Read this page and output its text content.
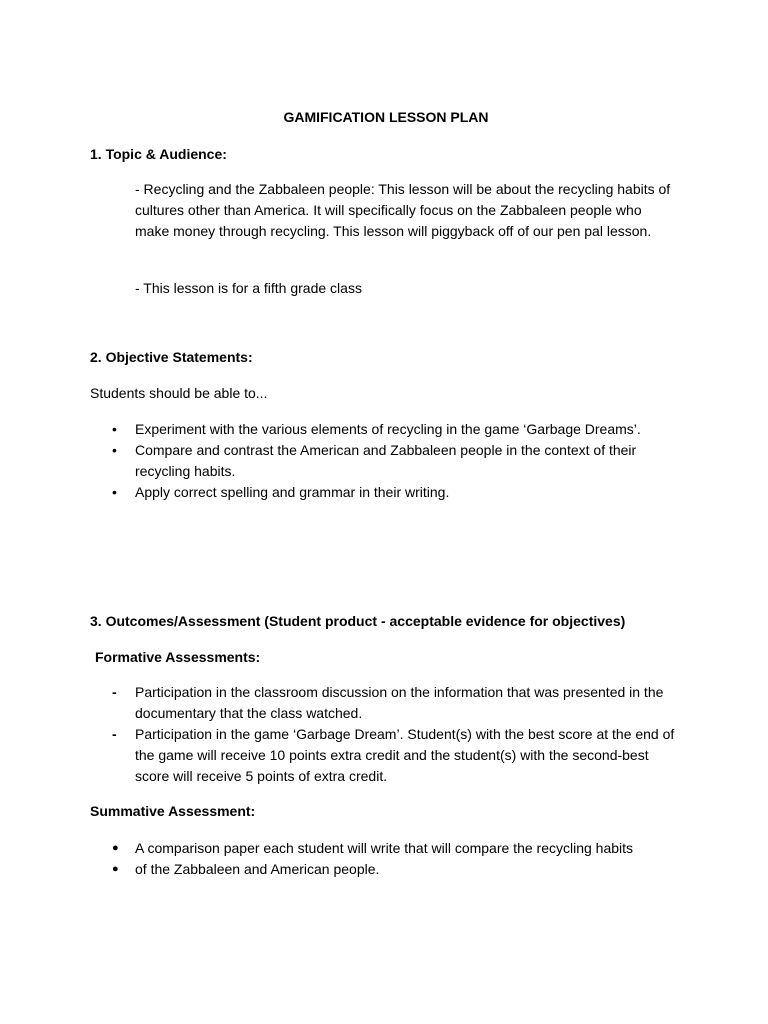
GAMIFICATION LESSON PLAN
1. Topic & Audience:
- Recycling and the Zabbaleen people: This lesson will be about the recycling habits of cultures other than America. It will specifically focus on the Zabbaleen people who make money through recycling. This lesson will piggyback off of our pen pal lesson.
- This lesson is for a fifth grade class
2. Objective Statements:
Students should be able to...
• Experiment with the various elements of recycling in the game ‘Garbage Dreams’.
• Compare and contrast the American and Zabbaleen people in the context of their recycling habits.
• Apply correct spelling and grammar in their writing.
3. Outcomes/Assessment (Student product - acceptable evidence for objectives)
Formative Assessments:
- Participation in the classroom discussion on the information that was presented in the documentary that the class watched.
- Participation in the game ‘Garbage Dream’. Student(s) with the best score at the end of the game will receive 10 points extra credit and the student(s) with the second-best score will receive 5 points of extra credit.
Summative Assessment:
● A comparison paper each student will write that will compare the recycling habits
● of the Zabbaleen and American people.
